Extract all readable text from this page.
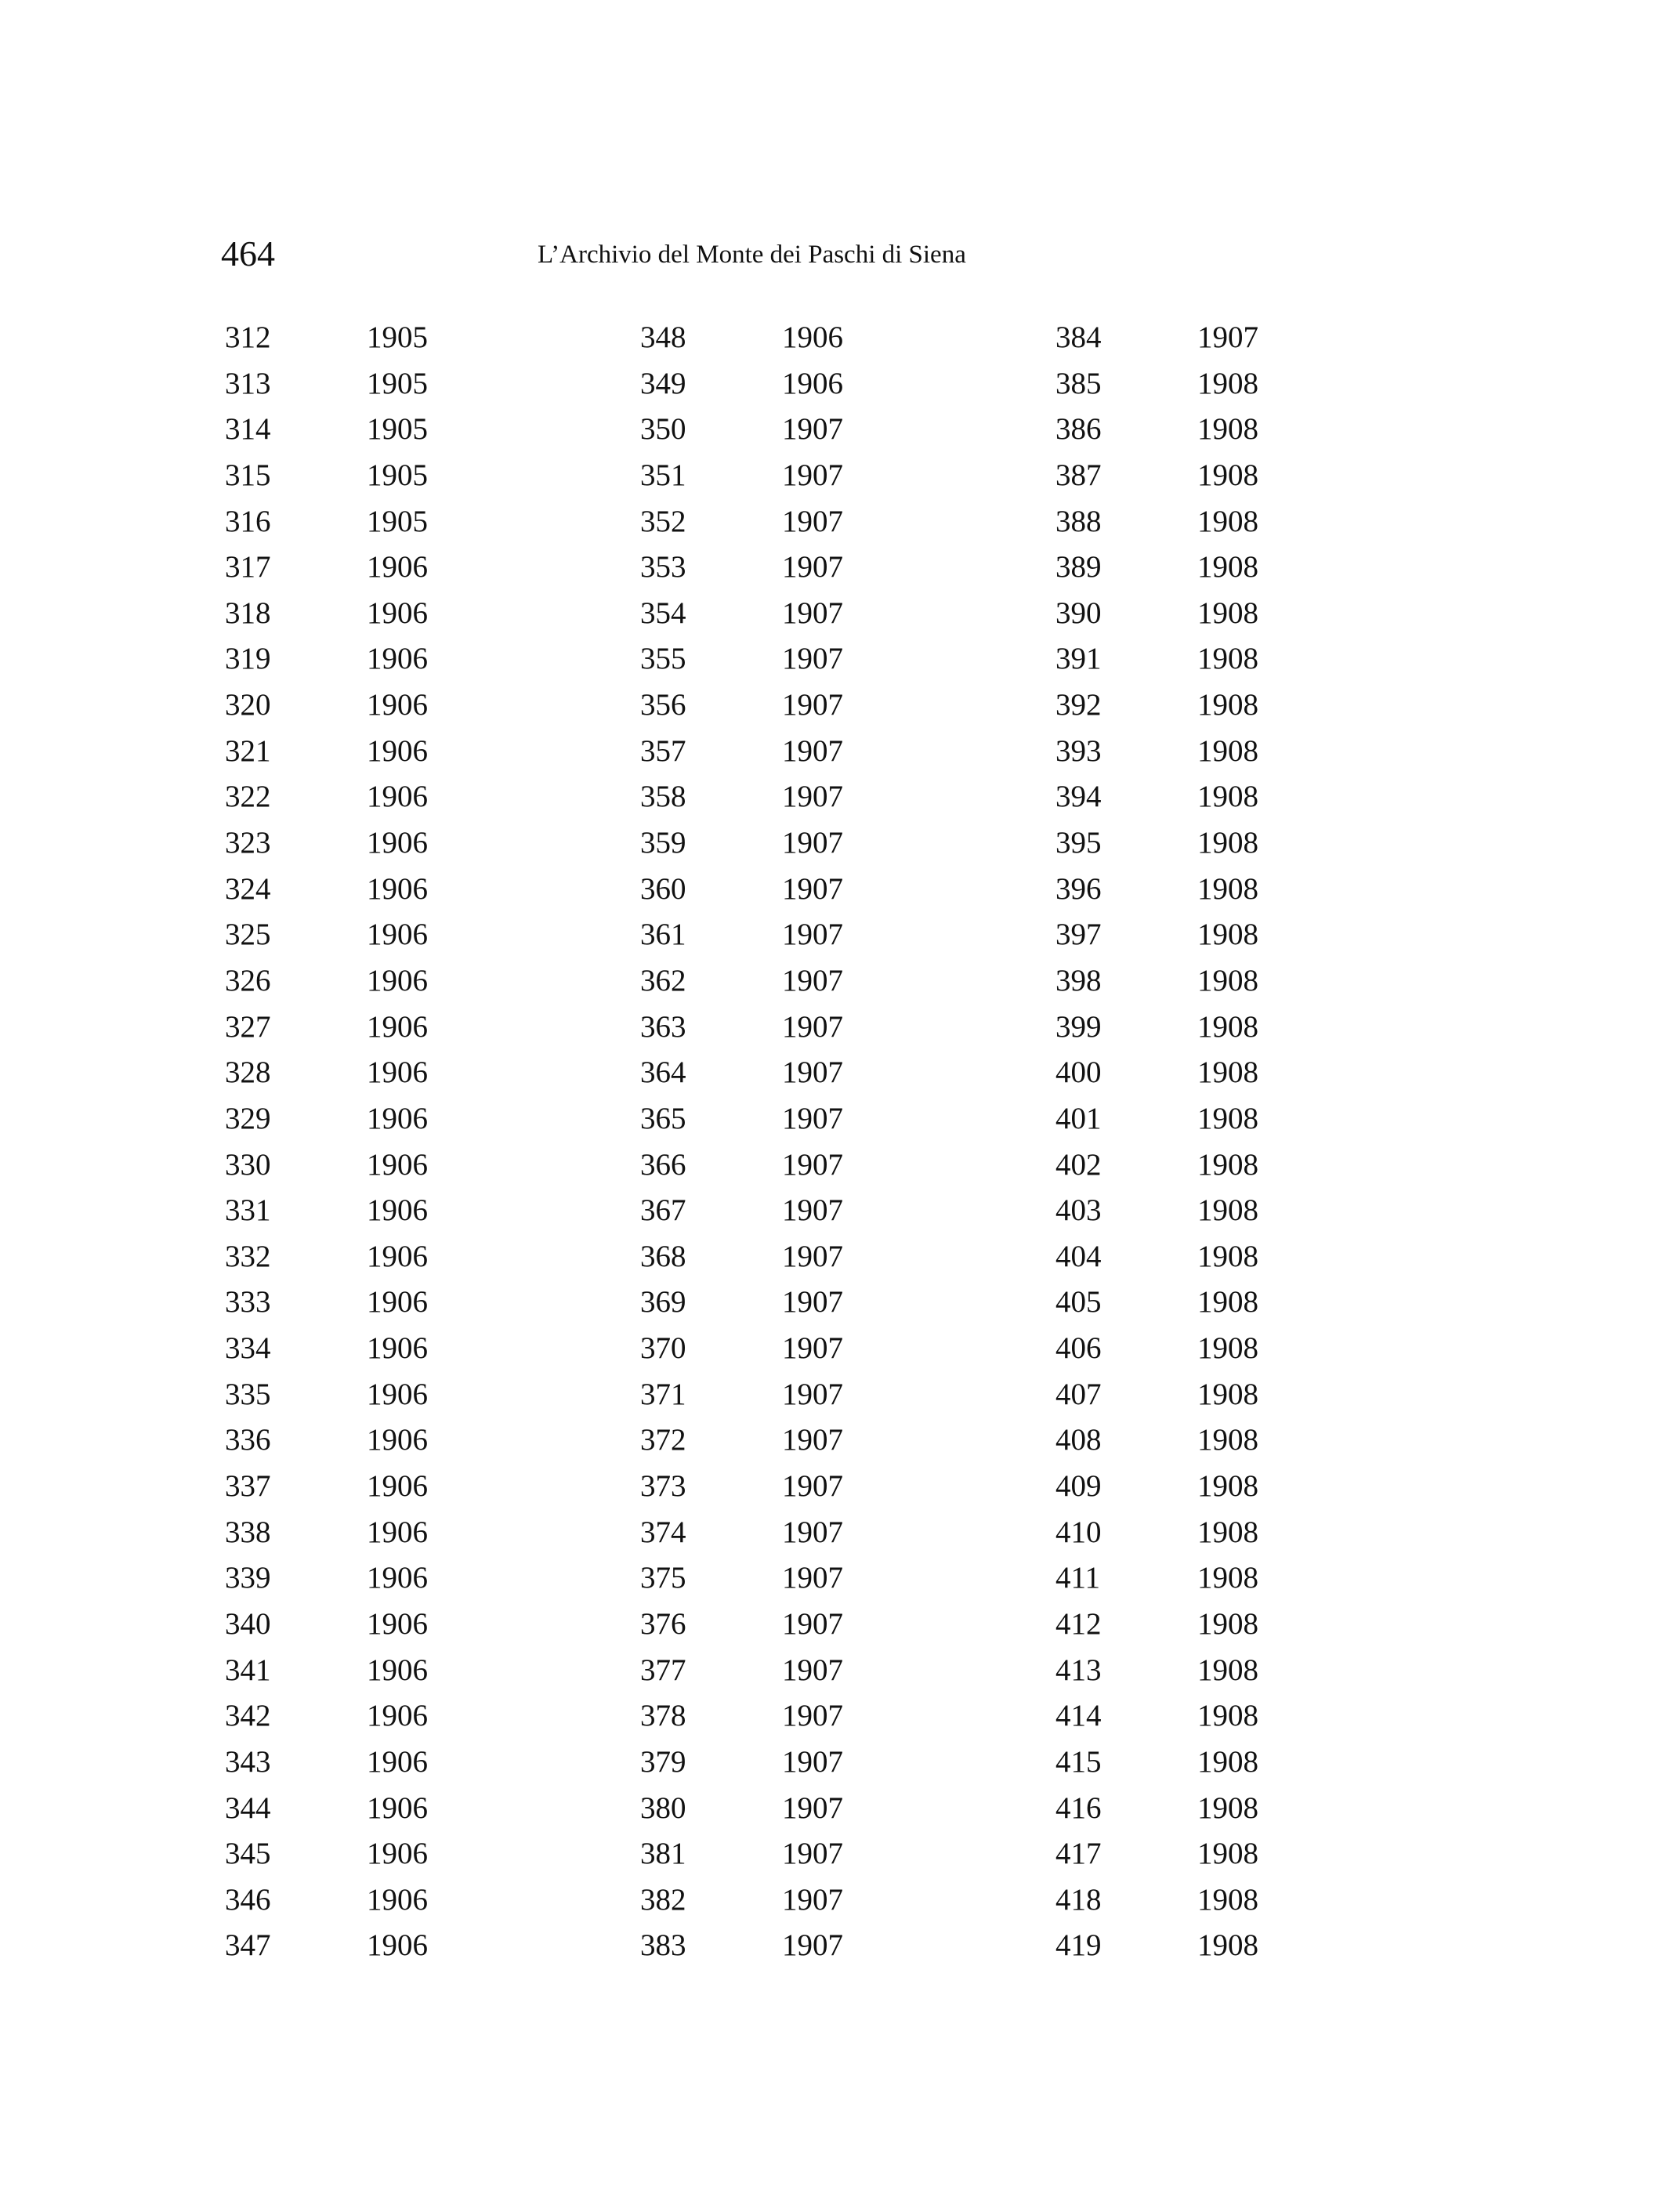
464	L’Archivio del Monte dei Paschi di Siena
312	1905
313	1905
314	1905
315	1905
316	1905
317	1906
318	1906
319	1906
320	1906
321	1906
322	1906
323	1906
324	1906
325	1906
326	1906
327	1906
328	1906
329	1906
330	1906
331	1906
332	1906
333	1906
334	1906
335	1906
336	1906
337	1906
338	1906
339	1906
340	1906
341	1906
342	1906
343	1906
344	1906
345	1906
346	1906
347	1906
348	1906
349	1906
350	1907
351	1907
352	1907
353	1907
354	1907
355	1907
356	1907
357	1907
358	1907
359	1907
360	1907
361	1907
362	1907
363	1907
364	1907
365	1907
366	1907
367	1907
368	1907
369	1907
370	1907
371	1907
372	1907
373	1907
374	1907
375	1907
376	1907
377	1907
378	1907
379	1907
380	1907
381	1907
382	1907
383	1907
384	1907
385	1908
386	1908
387	1908
388	1908
389	1908
390	1908
391	1908
392	1908
393	1908
394	1908
395	1908
396	1908
397	1908
398	1908
399	1908
400	1908
401	1908
402	1908
403	1908
404	1908
405	1908
406	1908
407	1908
408	1908
409	1908
410	1908
411	1908
412	1908
413	1908
414	1908
415	1908
416	1908
417	1908
418	1908
419	1908
